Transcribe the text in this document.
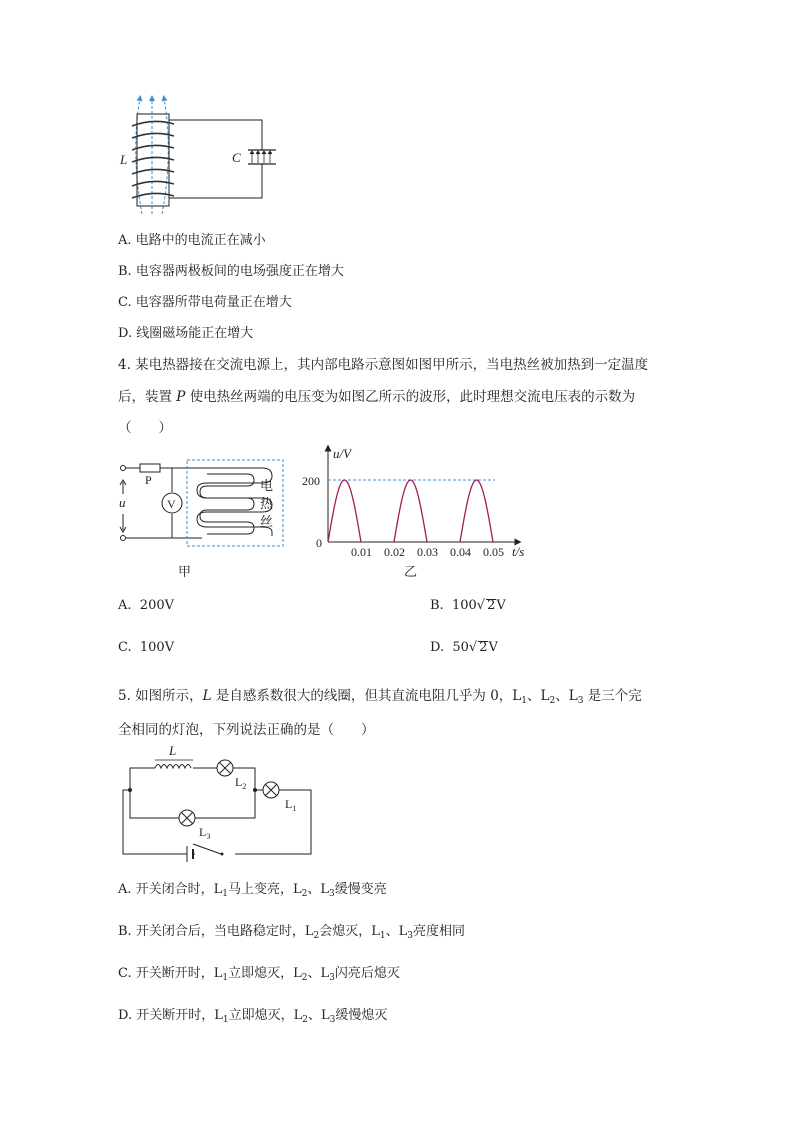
L	C
A. 电路中的电流正在减小
B. 电容器两极板间的电场强度正在增大
C. 电容器所带电荷量正在增大
D. 线圈磁场能正在增大
4. 某电热器接在交流电源上，其内部电路示意图如图甲所示，当电热丝被加热到一定温度
后，装置 P 使电热丝两端的电压变为如图乙所示的波形，此时理想交流电压表的示数为
（　　）
P
V
u
电
热
丝
甲
u/V
t/s
200
0
0.01 0.02 0.03 0.04 0.05
乙
A. 200V	B. 100√ 2V
C. 100V	D. 50√ 2V
5. 如图所示，L 是自感系数很大的线圈，但其直流电阻几乎为 0，$L_1$、$L_2$、$L_3$ 是三个完
全相同的灯泡，下列说法正确的是（　　）
L
$L_2$
$L_1$
$L_3$
A. 开关闭合时，$L_1$马上变亮，$L_2$、$L_3$缓慢变亮
B. 开关闭合后，当电路稳定时，$L_2$会熄灭，$L_1$、$L_3$亮度相同
C. 开关断开时，$L_1$立即熄灭，$L_2$、$L_3$闪亮后熄灭
D. 开关断开时，$L_1$立即熄灭，$L_2$、$L_3$缓慢熄灭
